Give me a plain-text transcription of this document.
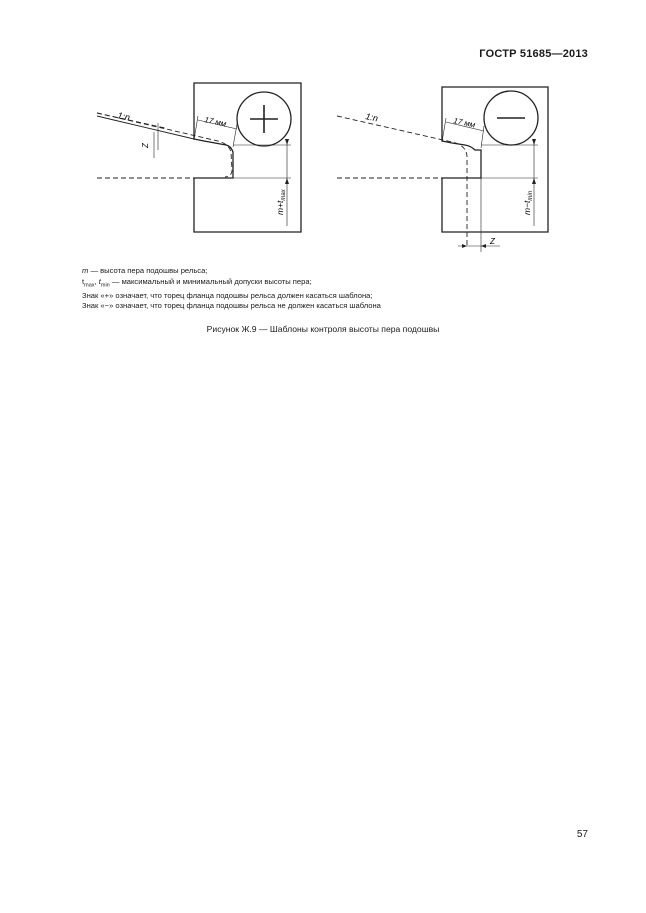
ГОСТР 51685—2013
1:n	17 мм
Z
$m+t_{max}$
1:n	17 мм
Z
$m-t_{min}$
m — высота пера подошвы рельса;
$t_{max}$, $t_{min}$ — максимальный и минимальный допуски высоты пера;
Знак «+» означает, что торец фланца подошвы рельса должен касаться шаблона;
Знак «−» означает, что торец фланца подошвы рельса не должен касаться шаблона
Рисунок Ж.9 — Шаблоны контроля высоты пера подошвы
57
